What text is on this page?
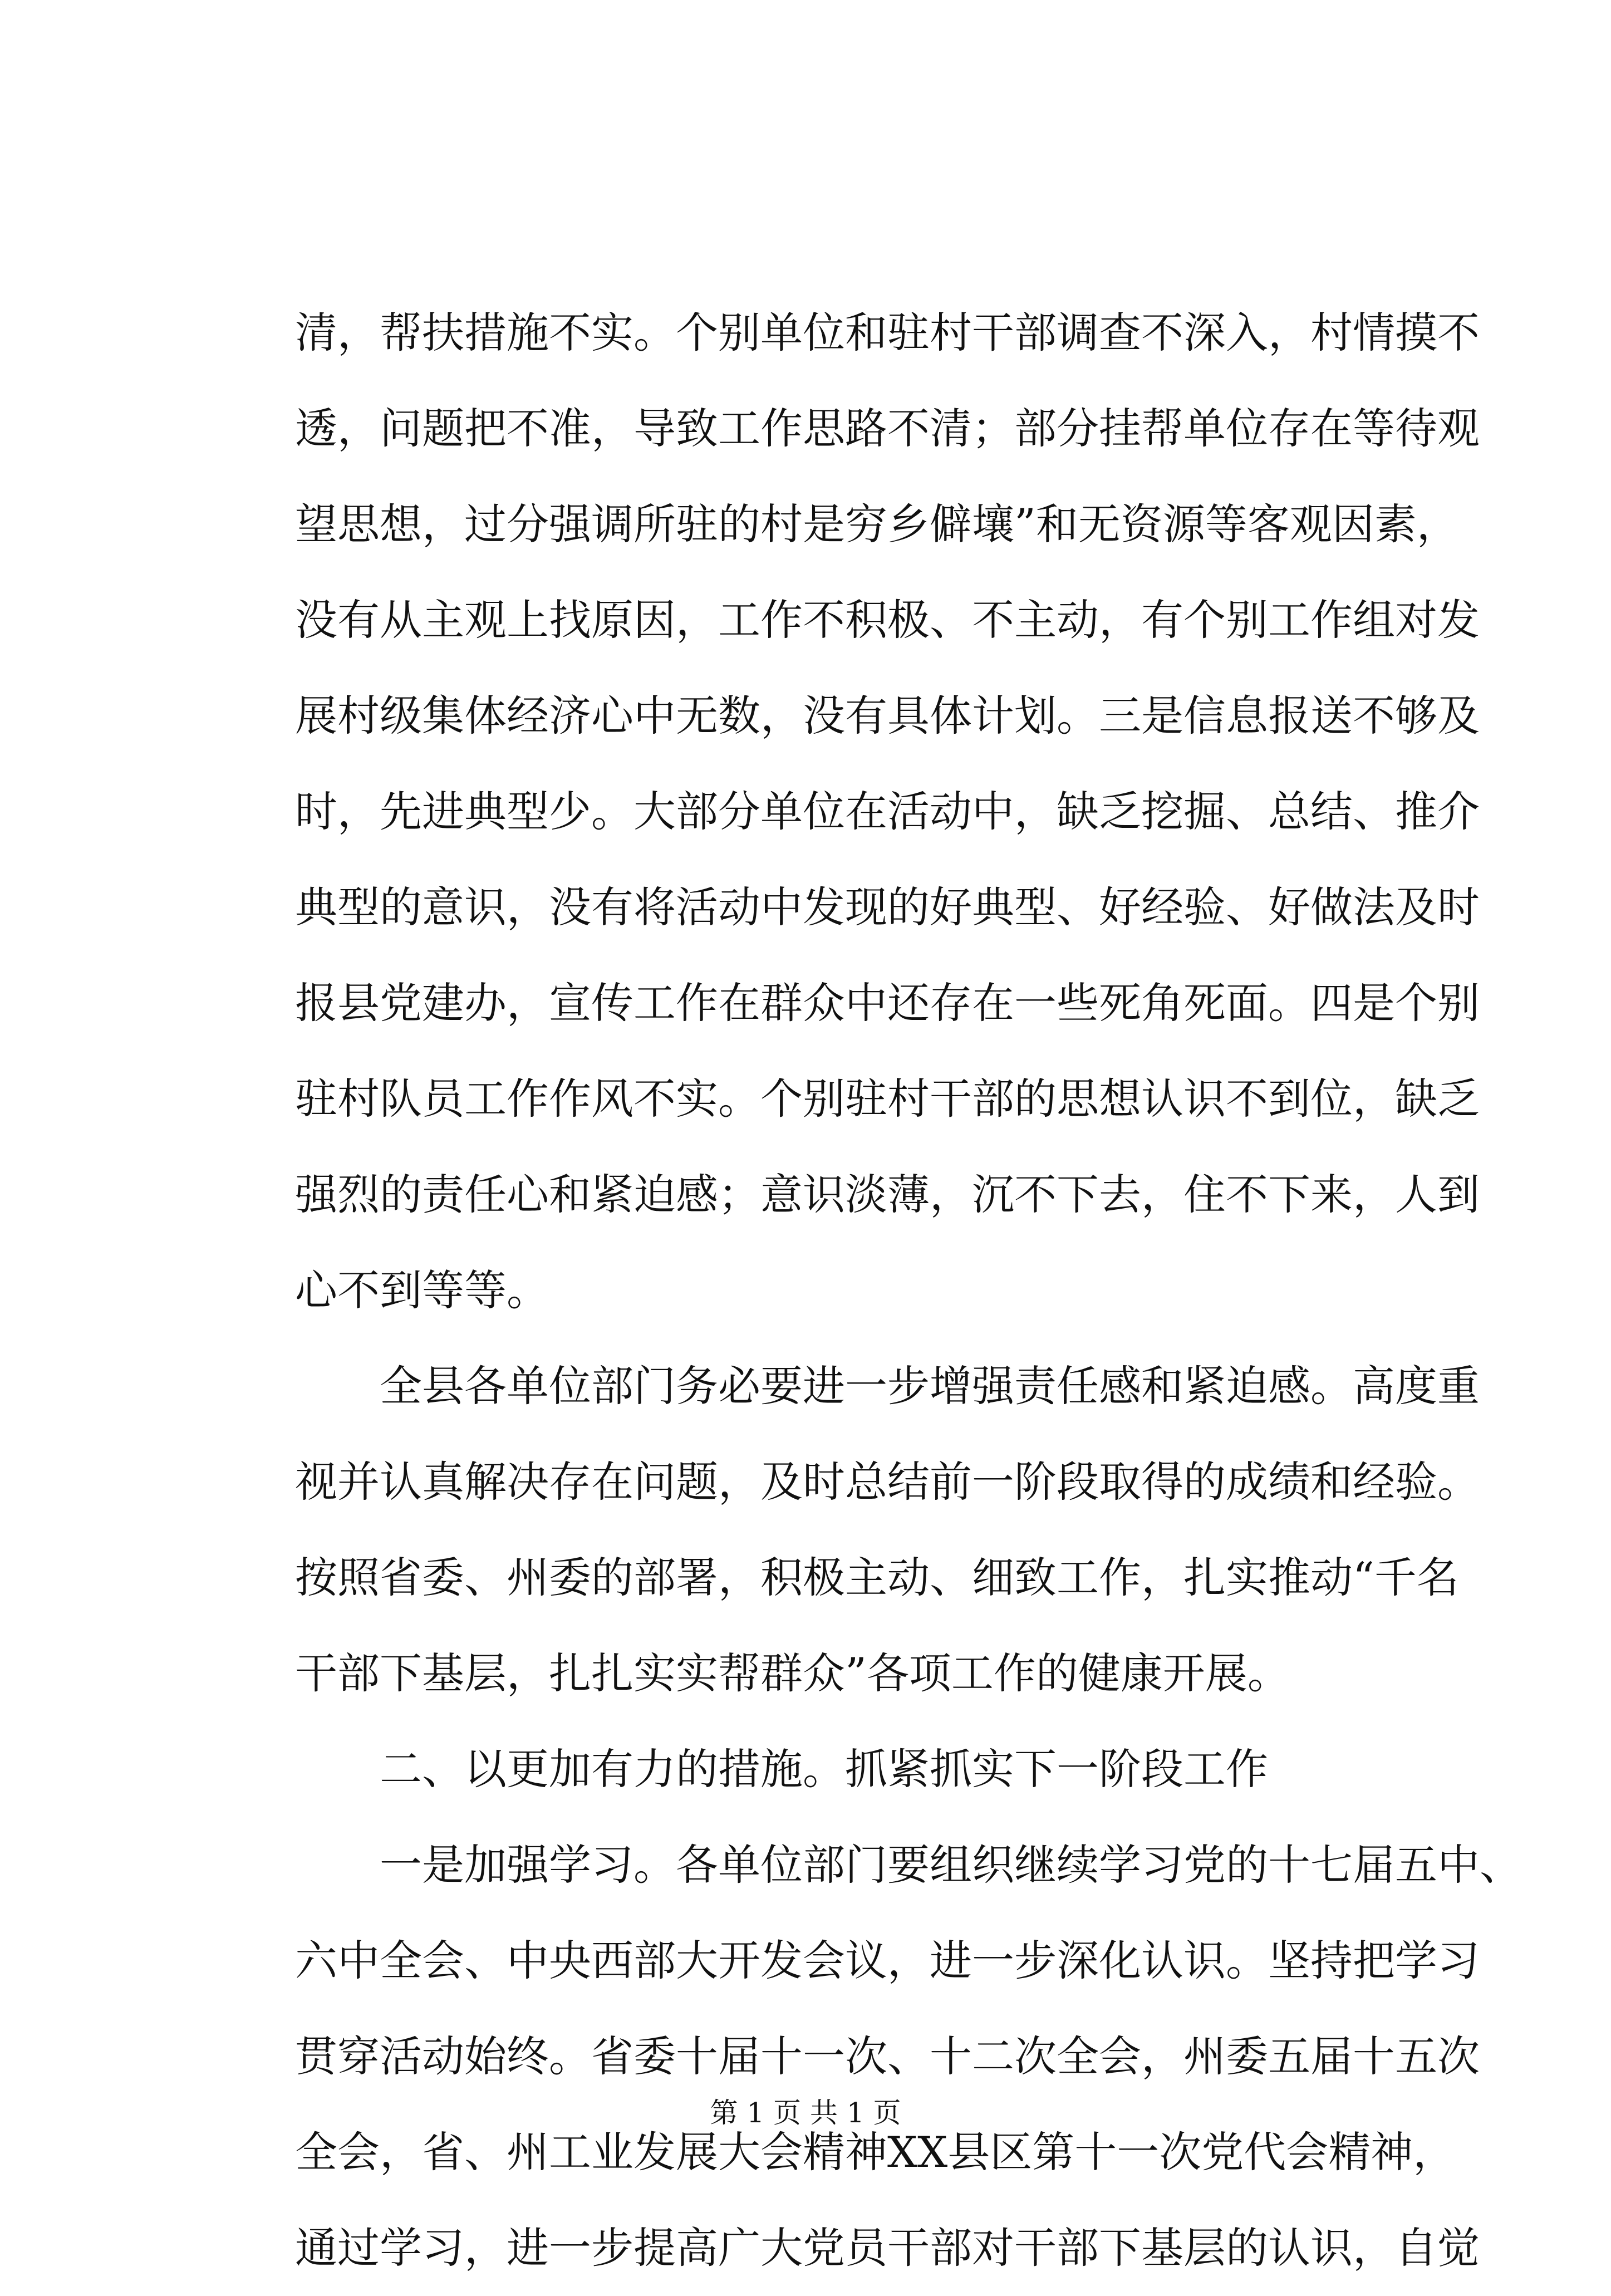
清，帮扶措施不实。个别单位和驻村干部调查不深入，村情摸不
透，问题把不准，导致工作思路不清；部分挂帮单位存在等待观
望思想，过分强调所驻的村是穷乡僻壤”和无资源等客观因素，
没有从主观上找原因，工作不积极、不主动，有个别工作组对发
展村级集体经济心中无数，没有具体计划。三是信息报送不够及
时，先进典型少。大部分单位在活动中，缺乏挖掘、总结、推介
典型的意识，没有将活动中发现的好典型、好经验、好做法及时
报县党建办，宣传工作在群众中还存在一些死角死面。四是个别
驻村队员工作作风不实。个别驻村干部的思想认识不到位，缺乏
强烈的责任心和紧迫感；意识淡薄，沉不下去，住不下来，人到
心不到等等。
全县各单位部门务必要进一步增强责任感和紧迫感。高度重
视并认真解决存在问题，及时总结前一阶段取得的成绩和经验。
按照省委、州委的部署，积极主动、细致工作，扎实推动“千名
干部下基层，扎扎实实帮群众”各项工作的健康开展。
二、以更加有力的措施。抓紧抓实下一阶段工作
一是加强学习。各单位部门要组织继续学习党的十七届五中、
六中全会、中央西部大开发会议，进一步深化认识。坚持把学习
贯穿活动始终。省委十届十一次、十二次全会，州委五届十五次
全会，省、州工业发展大会精神XX县区第十一次党代会精神，
通过学习，进一步提高广大党员干部对干部下基层的认识，自觉
第 1 页 共 1 页
